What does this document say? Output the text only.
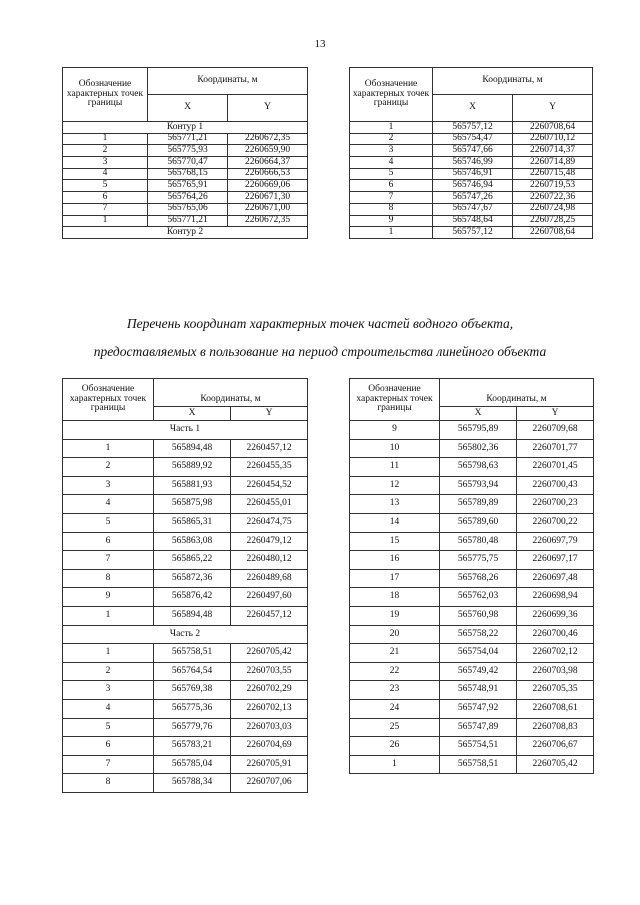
13
Обозначение характерных точек границы	Координаты, м	
	X	Y
Контур 1		
1	565771,21	2260672,35
2	565775,93	2260659,90
3	565770,47	2260664,37
4	565768,15	2260666,53
5	565765,91	2260669,06
6	565764,26	2260671,30
7	565765,06	2260671,00
1	565771,21	2260672,35
Контур 2		
Обозначение характерных точек границы	Координаты, м	
	X	Y
1	565757,12	2260708,64
2	565754,47	2260710,12
3	565747,66	2260714,37
4	565746,99	2260714,89
5	565746,91	2260715,48
6	565746,94	2260719,53
7	565747,26	2260722,36
8	565747,67	2260724,98
9	565748,64	2260728,25
1	565757,12	2260708,64
Перечень координат характерных точек частей водного объекта,
предоставляемых в пользование на период строительства линейного объекта
Обозначение характерных точек границы	Координаты, м	
	X	Y
Часть 1		
1	565894,48	2260457,12
2	565889,92	2260455,35
3	565881,93	2260454,52
4	565875,98	2260455,01
5	565865,31	2260474,75
6	565863,08	2260479,12
7	565865,22	2260480,12
8	565872,36	2260489,68
9	565876,42	2260497,60
1	565894,48	2260457,12
Часть 2		
1	565758,51	2260705,42
2	565764,54	2260703,55
3	565769,38	2260702,29
4	565775,36	2260702,13
5	565779,76	2260703,03
6	565783,21	2260704,69
7	565785,04	2260705,91
8	565788,34	2260707,06
Обозначение характерных точек границы	Координаты, м	
	X	Y
9	565795,89	2260709,68
10	565802,36	2260701,77
11	565798,63	2260701,45
12	565793,94	2260700,43
13	565789,89	2260700,23
14	565789,60	2260700,22
15	565780,48	2260697,79
16	565775,75	2260697,17
17	565768,26	2260697,48
18	565762,03	2260698,94
19	565760,98	2260699,36
20	565758,22	2260700,46
21	565754,04	2260702,12
22	565749,42	2260703,98
23	565748,91	2260705,35
24	565747,92	2260708,61
25	565747,89	2260708,83
26	565754,51	2260706,67
1	565758,51	2260705,42
